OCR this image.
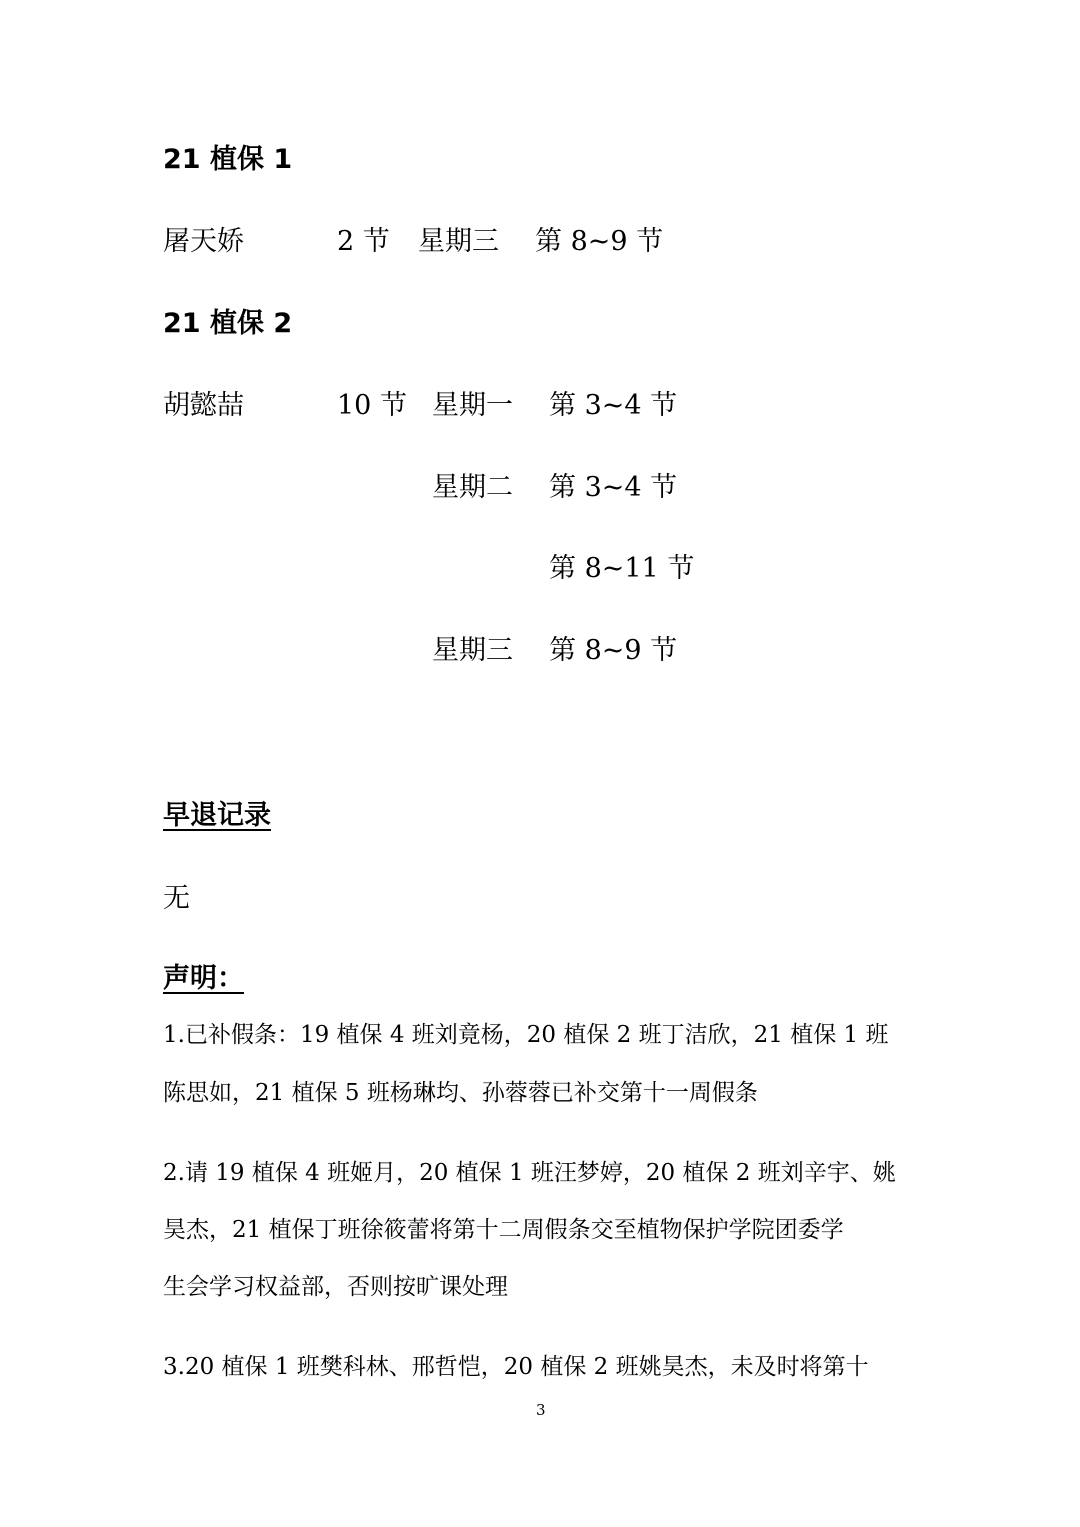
21 植保 1
屠天娇	2 节 星期三 第 8~9 节
21 植保 2
胡懿喆	10 节 星期一 第 3~4 节
星期二 第 3~4 节
第 8~11 节
星期三 第 8~9 节
早退记录
无
声明：
1.已补假条：19 植保 4 班刘竟杨，20 植保 2 班丁洁欣，21 植保 1 班
陈思如，21 植保 5 班杨琳均、孙蓉蓉已补交第十一周假条
2.请 19 植保 4 班姬月，20 植保 1 班汪梦婷，20 植保 2 班刘辛宇、姚
昊杰，21 植保丁班徐筱蕾将第十二周假条交至植物保护学院团委学
生会学习权益部，否则按旷课处理
3.20 植保 1 班樊科林、邢哲恺，20 植保 2 班姚昊杰，未及时将第十
3
